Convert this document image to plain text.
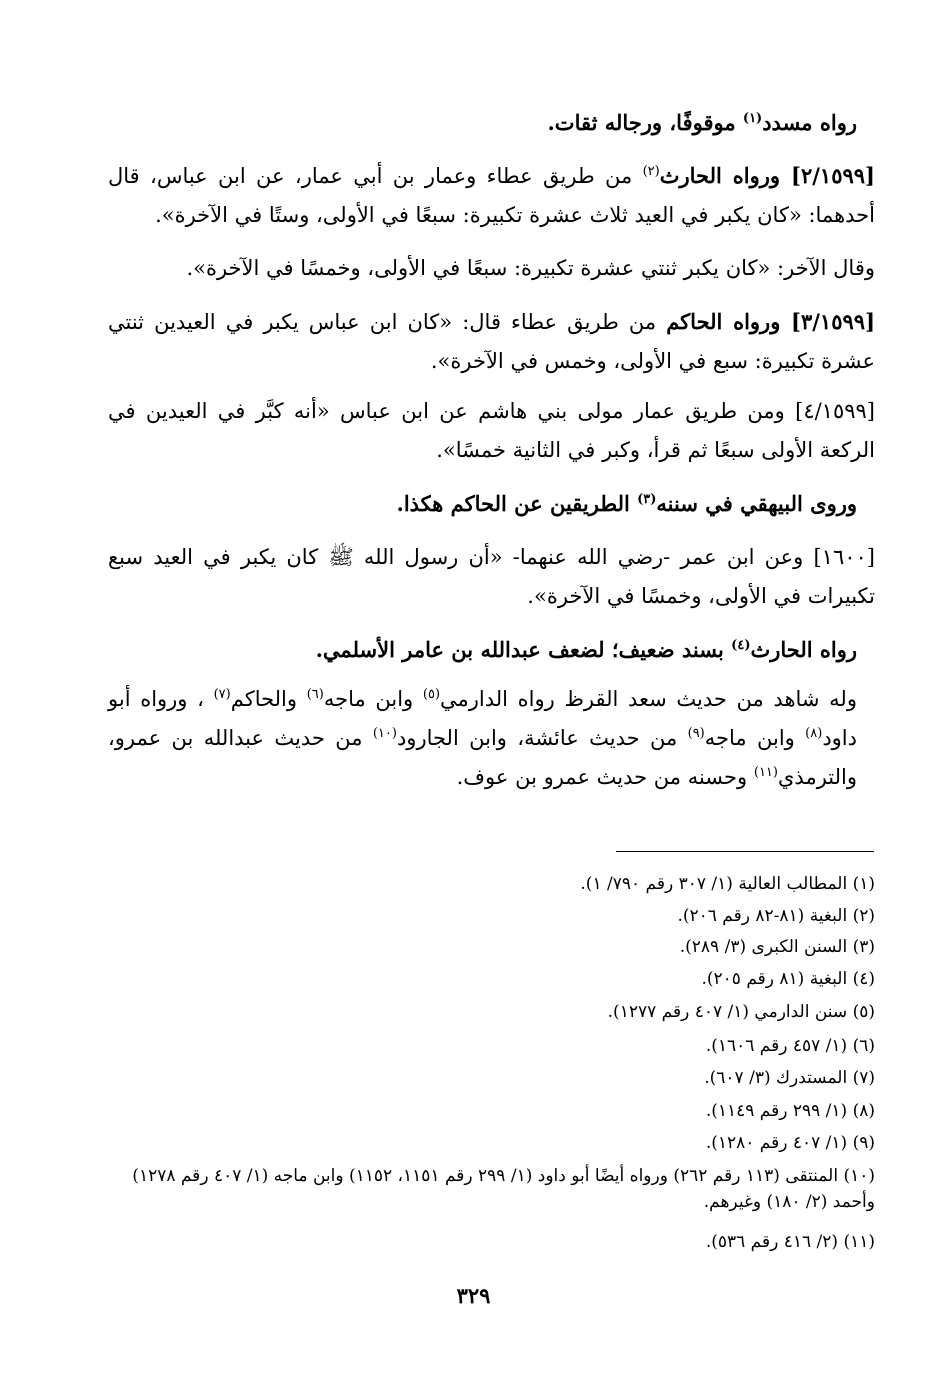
رواه مسدد$^{(١)}$ موقوفًا، ورجاله ثقات.
[٢/١٥٩٩] ورواه الحارث$^{(٢)}$ من طريق عطاء وعمار بن أبي عمار، عن ابن عباس، قال أحدهما: «كان يكبر في العيد ثلاث عشرة تكبيرة: سبعًا في الأولى، وستًا في الآخرة».
وقال الآخر: «كان يكبر ثنتي عشرة تكبيرة: سبعًا في الأولى، وخمسًا في الآخرة».
[٣/١٥٩٩] ورواه الحاكم من طريق عطاء قال: «كان ابن عباس يكبر في العيدين ثنتي عشرة تكبيرة: سبع في الأولى، وخمس في الآخرة».
[٤/١٥٩٩] ومن طريق عمار مولى بني هاشم عن ابن عباس «أنه كبَّر في العيدين في الركعة الأولى سبعًا ثم قرأ، وكبر في الثانية خمسًا».
وروى البيهقي في سننه$^{(٣)}$ الطريقين عن الحاكم هكذا.
[١٦٠٠] وعن ابن عمر -رضي الله عنهما- «أن رسول الله ﷺ كان يكبر في العيد سبع تكبيرات في الأولى، وخمسًا في الآخرة».
رواه الحارث$^{(٤)}$ بسند ضعيف؛ لضعف عبدالله بن عامر الأسلمي.
وله شاهد من حديث سعد القرظ رواه الدارمي$^{(٥)}$ وابن ماجه$^{(٦)}$ والحاكم$^{(٧)}$ ، ورواه أبو داود$^{(٨)}$ وابن ماجه$^{(٩)}$ من حديث عائشة، وابن الجارود$^{(١٠)}$ من حديث عبدالله بن عمرو، والترمذي$^{(١١)}$ وحسنه من حديث عمرو بن عوف.
(١) المطالب العالية (١/ ٣٠٧ رقم ٧٩٠/ ١).
(٢) البغية (٨١-٨٢ رقم ٢٠٦).
(٣) السنن الكبرى (٣/ ٢٨٩).
(٤) البغية (٨١ رقم ٢٠٥).
(٥) سنن الدارمي (١/ ٤٠٧ رقم ١٢٧٧).
(٦) (١/ ٤٥٧ رقم ١٦٠٦).
(٧) المستدرك (٣/ ٦٠٧).
(٨) (١/ ٢٩٩ رقم ١١٤٩).
(٩) (١/ ٤٠٧ رقم ١٢٨٠).
(١٠) المنتقى (١١٣ رقم ٢٦٢) ورواه أيضًا أبو داود (١/ ٢٩٩ رقم ١١٥١، ١١٥٢) وابن ماجه (١/ ٤٠٧ رقم ١٢٧٨) وأحمد (٢/ ١٨٠) وغيرهم.
(١١) (٢/ ٤١٦ رقم ٥٣٦).
٣٢٩
